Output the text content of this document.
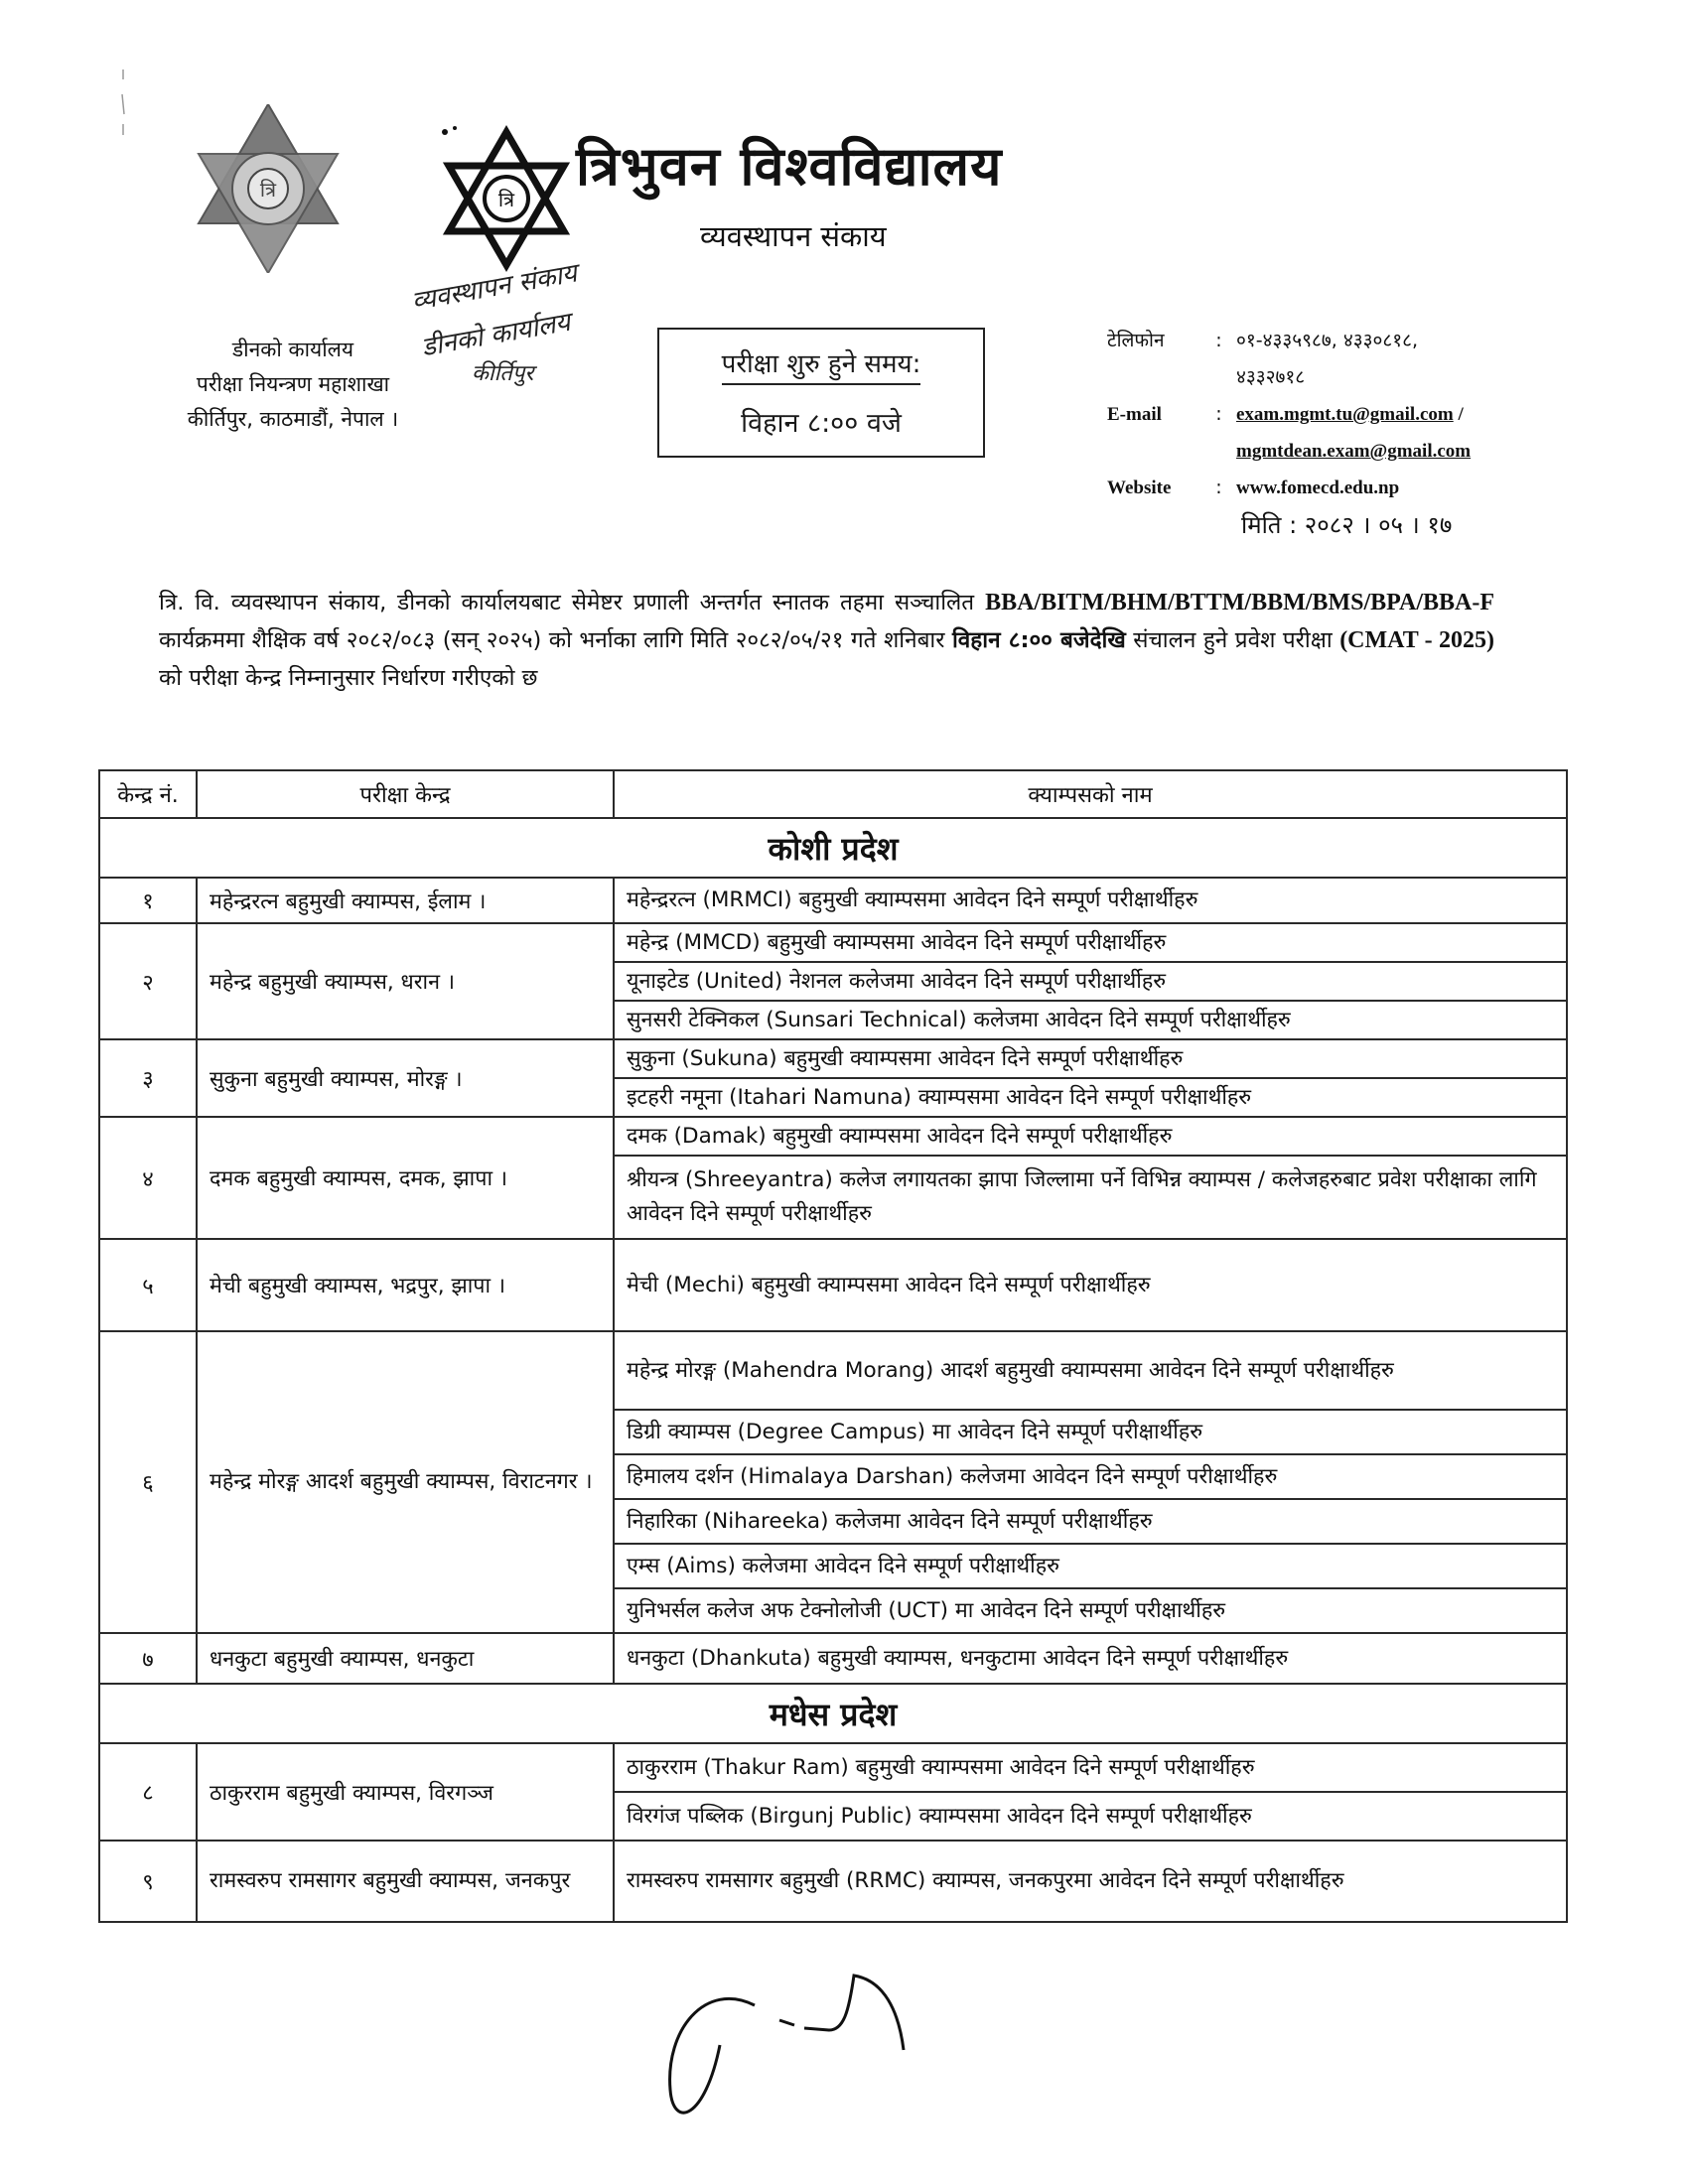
त्रि	त्रि
व्यवस्थापन संकाय
डीनको कार्यालय
कीर्तिपुर
त्रिभुवन विश्वविद्यालय
व्यवस्थापन संकाय
डीनको कार्यालय
परीक्षा नियन्त्रण महाशाखा
कीर्तिपुर, काठमाडौं, नेपाल ।
परीक्षा शुरु हुने समय:
विहान ८:०० वजे
टेलिफोन	: ०१-४३३५९८७, ४३३०८१८,
४३३२७१८
E-mail	: exam.mgmt.tu@gmail.com /
mgmtdean.exam@gmail.com
Website	: www.fomecd.edu.np
मिति : २०८२ । ०५ । १७
त्रि. वि. व्यवस्थापन संकाय, डीनको कार्यालयबाट सेमेष्टर प्रणाली अन्तर्गत स्नातक तहमा सञ्चालित BBA/BITM/BHM/BTTM/BBM/BMS/BPA/BBA-F कार्यक्रममा शैक्षिक वर्ष २०८२/०८३ (सन् २०२५) को भर्नाका लागि मिति २०८२/०५/२१ गते शनिबार विहान ८:०० बजेदेखि संचालन हुने प्रवेश परीक्षा (CMAT - 2025) को परीक्षा केन्द्र निम्नानुसार निर्धारण गरीएको छ
केन्द्र नं.	परीक्षा केन्द्र	क्याम्पसको नाम
कोशी प्रदेश		
१	महेन्द्ररत्न बहुमुखी क्याम्पस, ईलाम ।	महेन्द्ररत्न (MRMCI) बहुमुखी क्याम्पसमा आवेदन दिने सम्पूर्ण परीक्षार्थीहरु
२	महेन्द्र बहुमुखी क्याम्पस, धरान ।	महेन्द्र (MMCD) बहुमुखी क्याम्पसमा आवेदन दिने सम्पूर्ण परीक्षार्थीहरु
		यूनाइटेड (United) नेशनल कलेजमा आवेदन दिने सम्पूर्ण परीक्षार्थीहरु
		सुनसरी टेक्निकल (Sunsari Technical) कलेजमा आवेदन दिने सम्पूर्ण परीक्षार्थीहरु
३	सुकुना बहुमुखी क्याम्पस, मोरङ्ग ।	सुकुना (Sukuna) बहुमुखी क्याम्पसमा आवेदन दिने सम्पूर्ण परीक्षार्थीहरु
		इटहरी नमूना (Itahari Namuna) क्याम्पसमा आवेदन दिने सम्पूर्ण परीक्षार्थीहरु
४	दमक बहुमुखी क्याम्पस, दमक, झापा ।	दमक (Damak) बहुमुखी क्याम्पसमा आवेदन दिने सम्पूर्ण परीक्षार्थीहरु
		श्रीयन्त्र (Shreeyantra) कलेज लगायतका झापा जिल्लामा पर्ने विभिन्न क्याम्पस / कलेजहरुबाट प्रवेश परीक्षाका लागि आवेदन दिने सम्पूर्ण परीक्षार्थीहरु
५	मेची बहुमुखी क्याम्पस, भद्रपुर, झापा ।	मेची (Mechi) बहुमुखी क्याम्पसमा आवेदन दिने सम्पूर्ण परीक्षार्थीहरु
६	महेन्द्र मोरङ्ग आदर्श बहुमुखी क्याम्पस, विराटनगर ।	महेन्द्र मोरङ्ग (Mahendra Morang) आदर्श बहुमुखी क्याम्पसमा आवेदन दिने सम्पूर्ण परीक्षार्थीहरु
		डिग्री क्याम्पस (Degree Campus) मा आवेदन दिने सम्पूर्ण परीक्षार्थीहरु
		हिमालय दर्शन (Himalaya Darshan) कलेजमा आवेदन दिने सम्पूर्ण परीक्षार्थीहरु
		निहारिका (Nihareeka) कलेजमा आवेदन दिने सम्पूर्ण परीक्षार्थीहरु
		एम्स (Aims) कलेजमा आवेदन दिने सम्पूर्ण परीक्षार्थीहरु
		युनिभर्सल कलेज अफ टेक्नोलोजी (UCT) मा आवेदन दिने सम्पूर्ण परीक्षार्थीहरु
७	धनकुटा बहुमुखी क्याम्पस, धनकुटा	धनकुटा (Dhankuta) बहुमुखी क्याम्पस, धनकुटामा आवेदन दिने सम्पूर्ण परीक्षार्थीहरु
मधेस प्रदेश		
८	ठाकुरराम बहुमुखी क्याम्पस, विरगञ्ज	ठाकुरराम (Thakur Ram) बहुमुखी क्याम्पसमा आवेदन दिने सम्पूर्ण परीक्षार्थीहरु
		विरगंज पब्लिक (Birgunj Public) क्याम्पसमा आवेदन दिने सम्पूर्ण परीक्षार्थीहरु
९	रामस्वरुप रामसागर बहुमुखी क्याम्पस, जनकपुर	रामस्वरुप रामसागर बहुमुखी (RRMC) क्याम्पस, जनकपुरमा आवेदन दिने सम्पूर्ण परीक्षार्थीहरु
